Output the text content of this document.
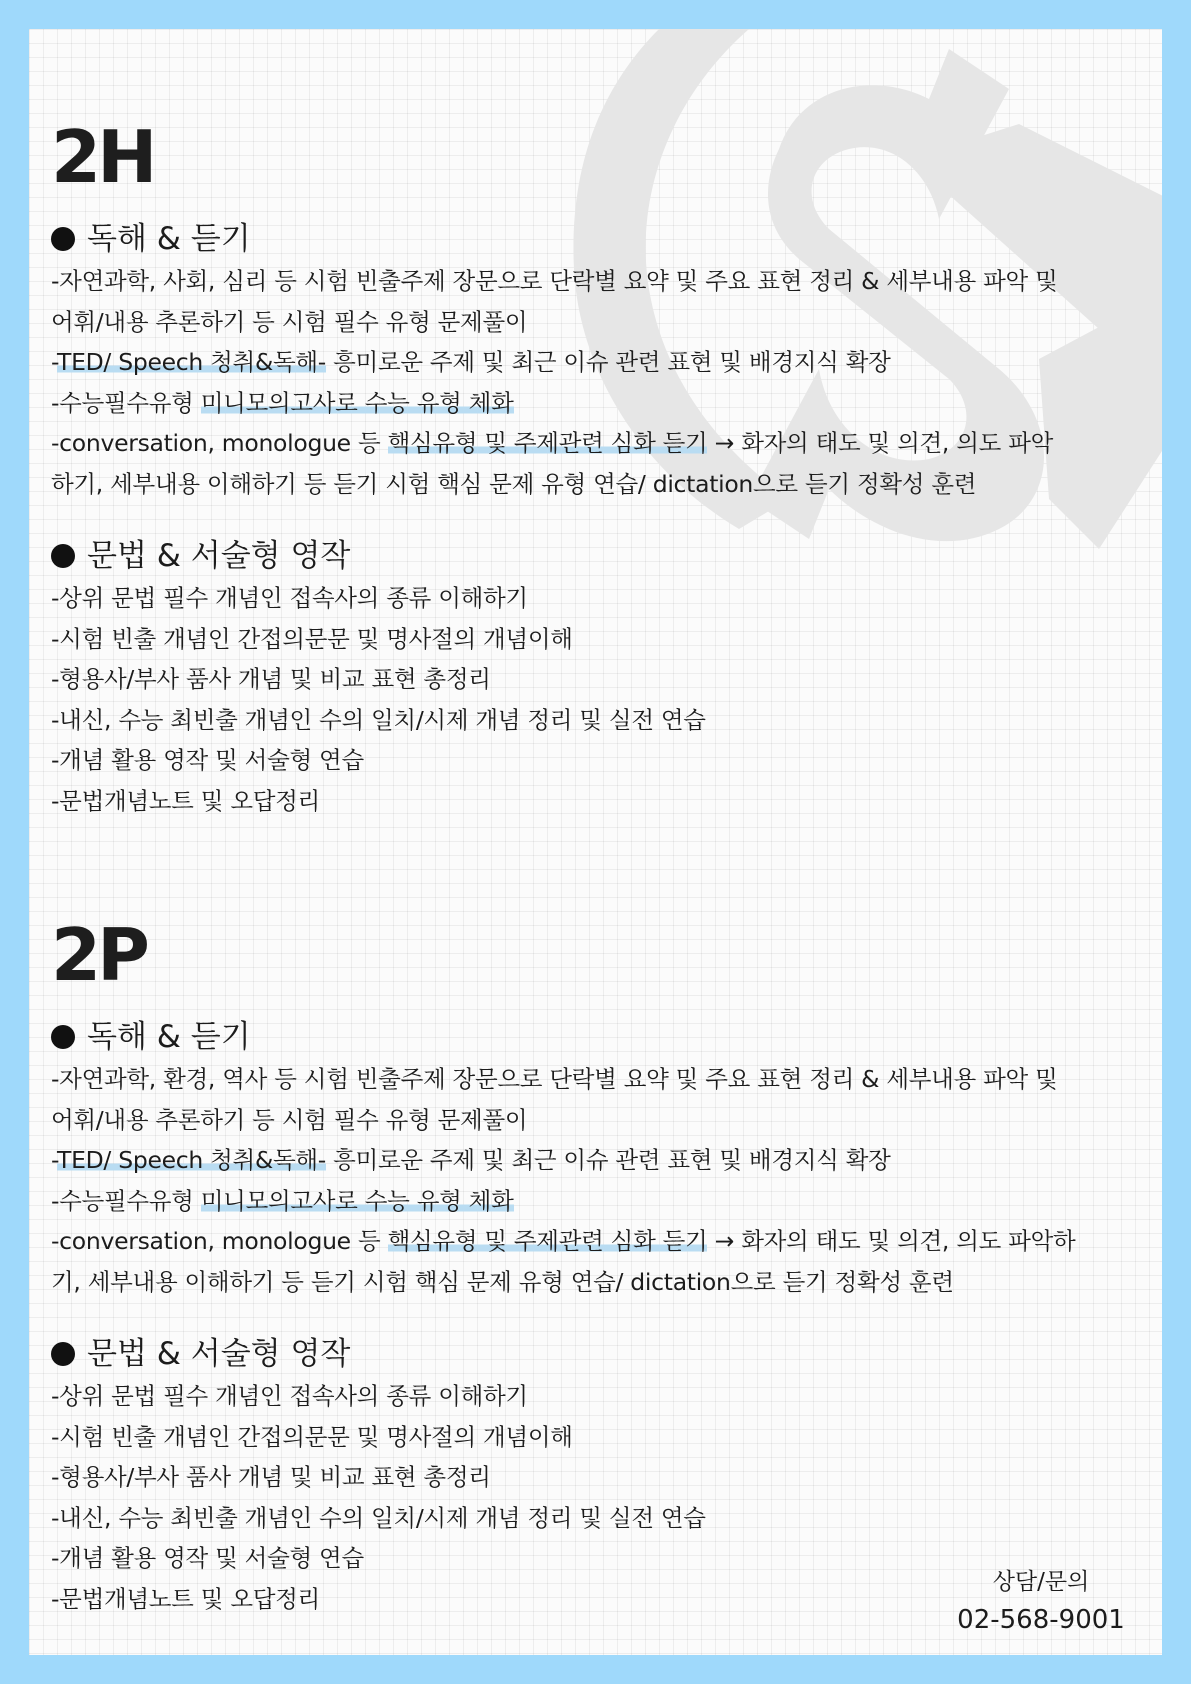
2H
독해 & 듣기

-자연과학, 사회, 심리 등 시험 빈출주제 장문으로 단락별 요약 및 주요 표현 정리 & 세부내용 파악 및

어휘/내용 추론하기 등 시험 필수 유형 문제풀이

-TED/ Speech 청취&독해- 흥미로운 주제 및 최근 이슈 관련 표현 및 배경지식 확장

-수능필수유형 미니모의고사로 수능 유형 체화

-conversation, monologue 등 핵심유형 및 주제관련 심화 듣기 → 화자의 태도 및 의견, 의도 파악

하기, 세부내용 이해하기 등 듣기 시험 핵심 문제 유형 연습/ dictation으로 듣기 정확성 훈련

문법 & 서술형 영작

-상위 문법 필수 개념인 접속사의 종류 이해하기

-시험 빈출 개념인 간접의문문 및 명사절의 개념이해

-형용사/부사 품사 개념 및 비교 표현 총정리

-내신, 수능 최빈출 개념인 수의 일치/시제 개념 정리 및 실전 연습

-개념 활용 영작 및 서술형 연습

-문법개념노트 및 오답정리

2P
독해 & 듣기

-자연과학, 환경, 역사 등 시험 빈출주제 장문으로 단락별 요약 및 주요 표현 정리 & 세부내용 파악 및

어휘/내용 추론하기 등 시험 필수 유형 문제풀이

-TED/ Speech 청취&독해- 흥미로운 주제 및 최근 이슈 관련 표현 및 배경지식 확장

-수능필수유형 미니모의고사로 수능 유형 체화

-conversation, monologue 등 핵심유형 및 주제관련 심화 듣기 → 화자의 태도 및 의견, 의도 파악하

기, 세부내용 이해하기 등 듣기 시험 핵심 문제 유형 연습/ dictation으로 듣기 정확성 훈련

문법 & 서술형 영작

-상위 문법 필수 개념인 접속사의 종류 이해하기

-시험 빈출 개념인 간접의문문 및 명사절의 개념이해

-형용사/부사 품사 개념 및 비교 표현 총정리

-내신, 수능 최빈출 개념인 수의 일치/시제 개념 정리 및 실전 연습

-개념 활용 영작 및 서술형 연습

-문법개념노트 및 오답정리

상담/문의

02-568-9001
